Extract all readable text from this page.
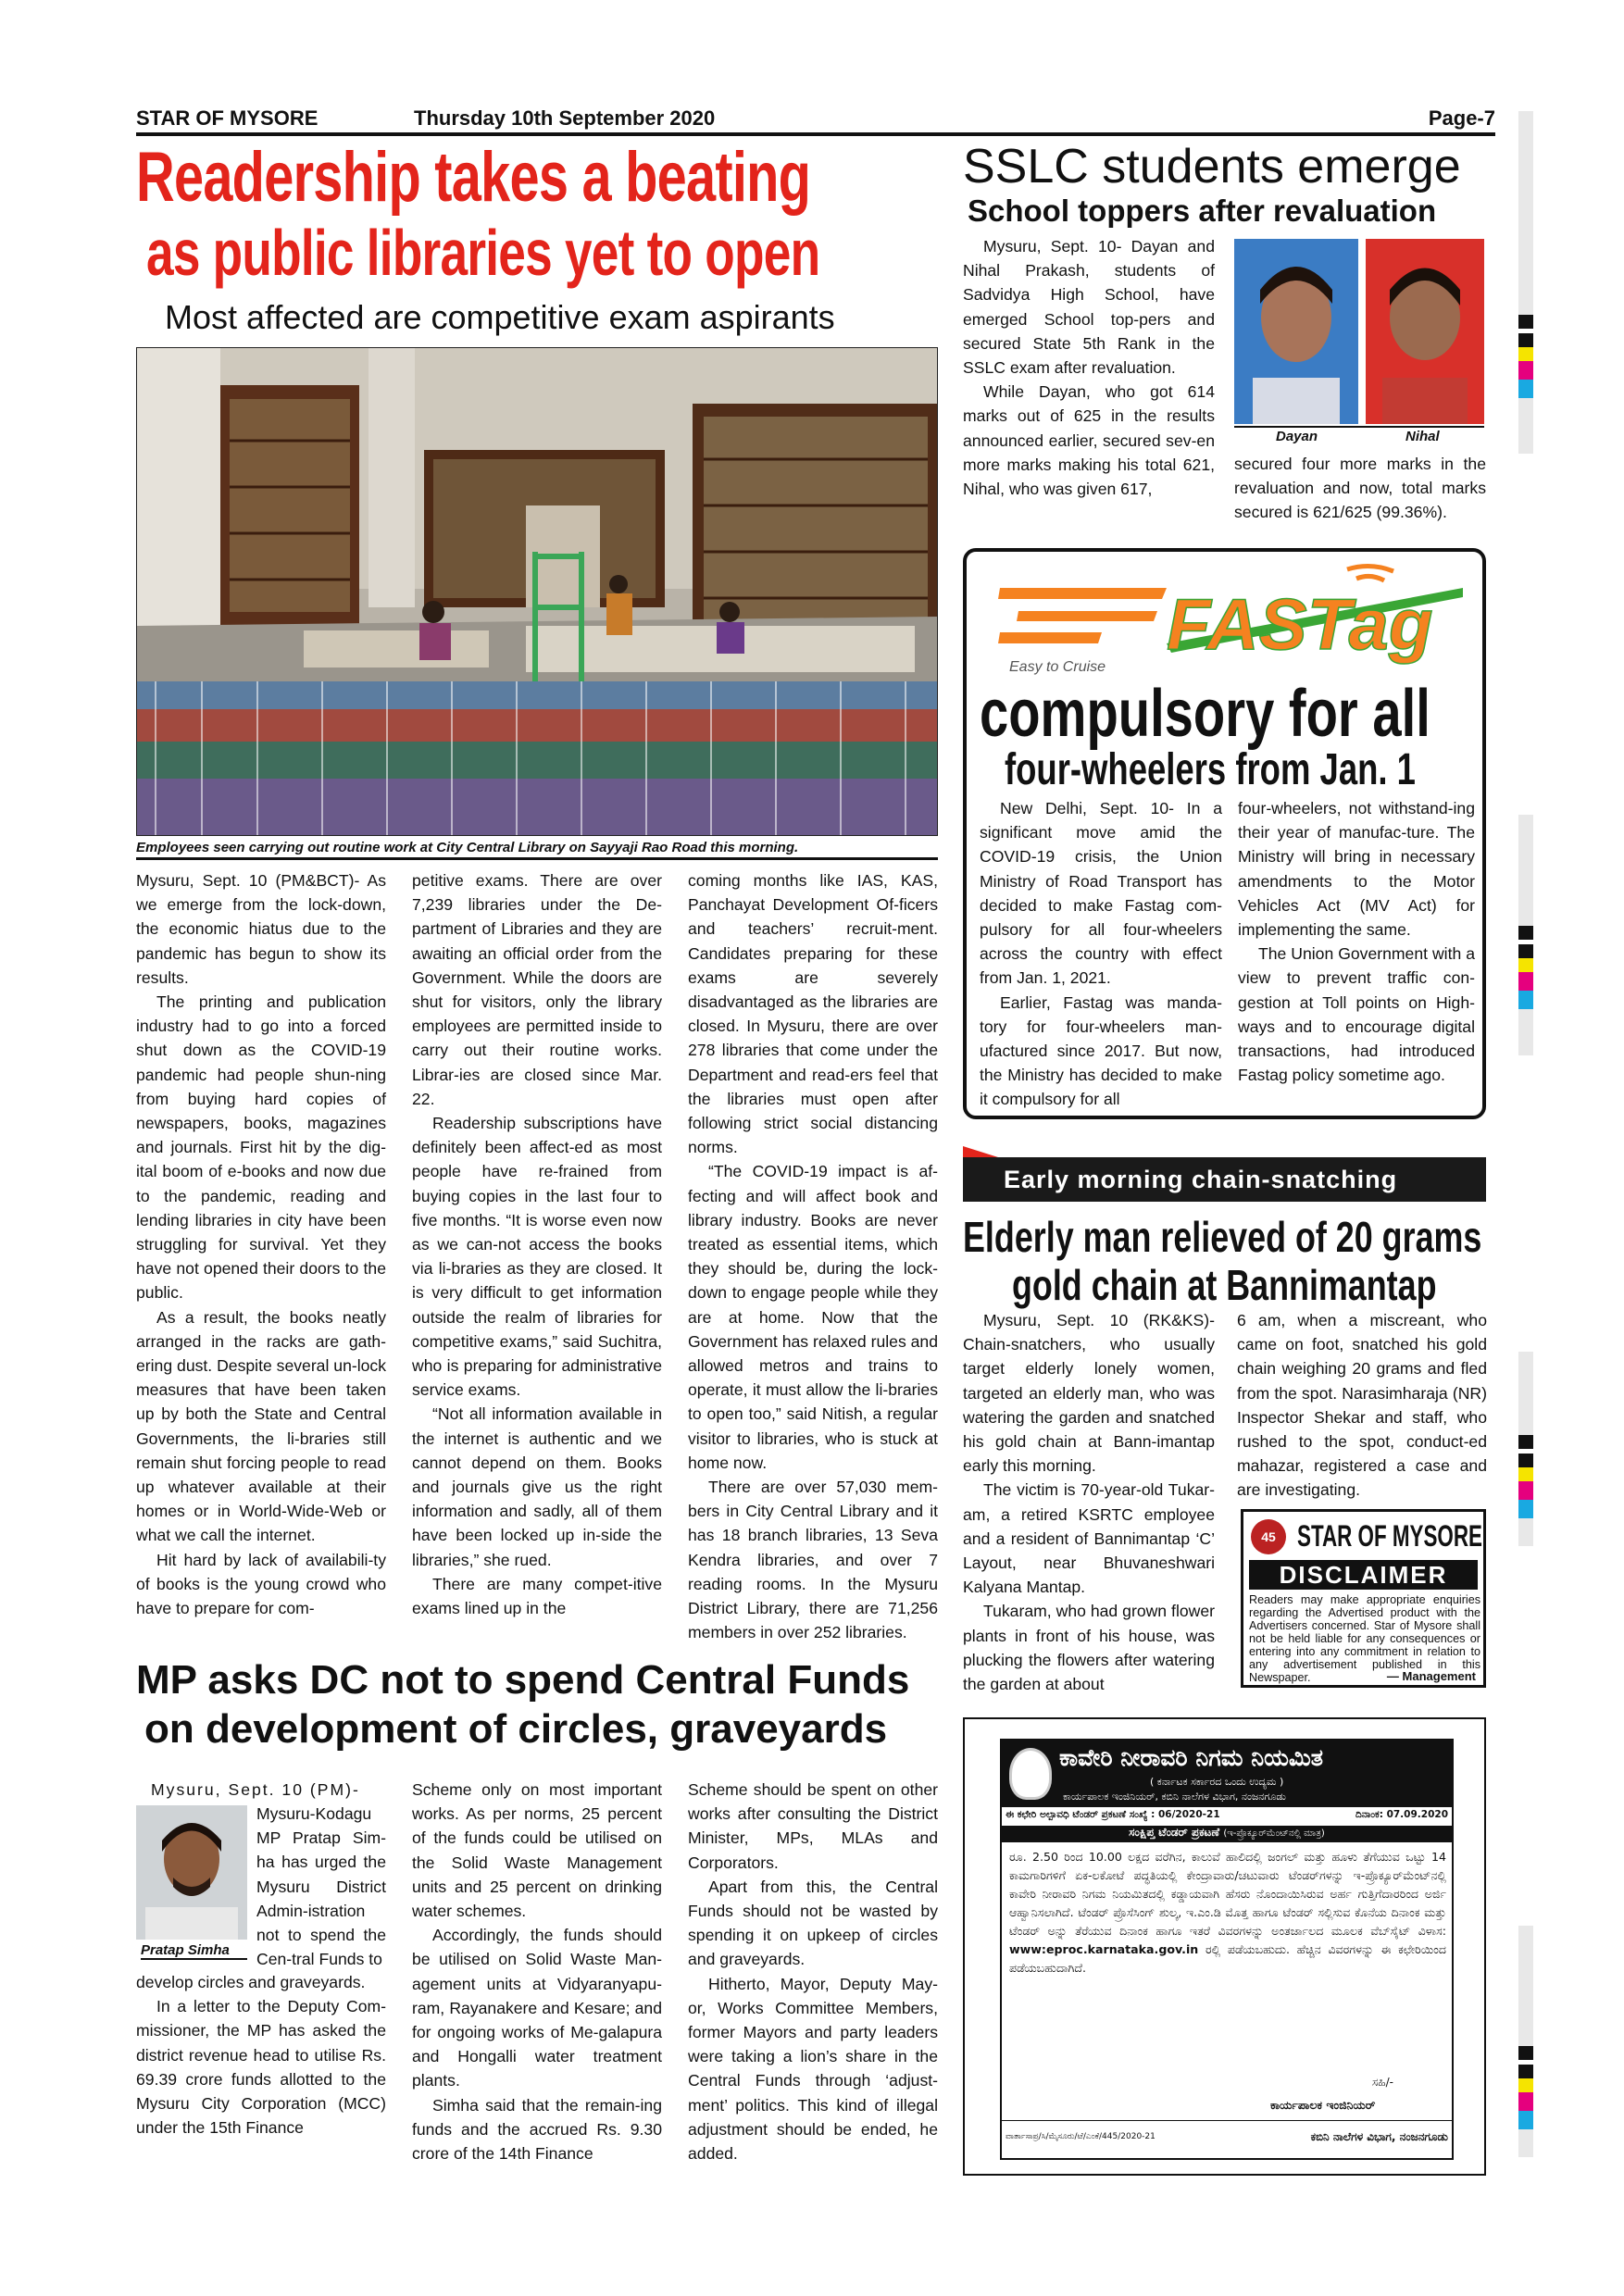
STAR OF MYSORE	Thursday 10th September 2020	Page-7
Readership takes a beating
as public libraries yet to open
Most affected are competitive exam aspirants
Employees seen carrying out routine work at City Central Library on Sayyaji Rao Road this morning.

Mysuru, Sept. 10 (PM&BCT)- As we emerge from the lock-down, the economic hiatus due to the pandemic has begun to show its results.

The printing and publication industry had to go into a forced shut down as the COVID-19 pandemic had people shun-ning from buying hard copies of newspapers, books, magazines and journals. First hit by the dig-ital boom of e-books and now due to the pandemic, reading and lending libraries in city have been struggling for survival. Yet they have not opened their doors to the public.

As a result, the books neatly arranged in the racks are gath-ering dust. Despite several un-lock measures that have been taken up by both the State and Central Governments, the li-braries still remain shut forcing people to read up whatever available at their homes or in World-Wide-Web or what we call the internet.

Hit hard by lack of availabili-ty of books is the young crowd who have to prepare for com-

petitive exams. There are over 7,239 libraries under the De-partment of Libraries and they are awaiting an official order from the Government. While the doors are shut for visitors, only the library employees are permitted inside to carry out their routine works. Librar-ies are closed since Mar. 22.

Readership subscriptions have definitely been affect-ed as most people have re-frained from buying copies in the last four to five months. “It is worse even now as we can-not access the books via li-braries as they are closed. It is very difficult to get information outside the realm of libraries for competitive exams,” said Suchitra, who is preparing for administrative service exams.

“Not all information available in the internet is authentic and we cannot depend on them. Books and journals give us the right information and sadly, all of them have been locked up in-side the libraries,” she rued.

There are many compet-itive exams lined up in the

coming months like IAS, KAS, Panchayat Development Of-ficers and teachers’ recruit-ment. Candidates preparing for these exams are severely disadvantaged as the libraries are closed. In Mysuru, there are over 278 libraries that come under the Department and read-ers feel that the libraries must open after following strict social distancing norms.

“The COVID-19 impact is af-fecting and will affect book and library industry. Books are never treated as essential items, which they should be, during the lock-down to engage people while they are at home. Now that the Government has relaxed rules and allowed metros and trains to operate, it must allow the li-braries to open too,” said Nitish, a regular visitor to libraries, who is stuck at home now.

There are over 57,030 mem-bers in City Central Library and it has 18 branch libraries, 13 Seva Kendra libraries, and over 7 reading rooms. In the Mysuru District Library, there are 71,256 members in over 252 libraries.

SSLC students emerge
School toppers after revaluation

Mysuru, Sept. 10- Dayan and Nihal Prakash, students of Sadvidya High School, have emerged School top-pers and secured State 5th Rank in the SSLC exam after revaluation.

While Dayan, who got 614 marks out of 625 in the results announced earlier, secured sev-en more marks making his total 621, Nihal, who was given 617,

Dayan	Nihal

secured four more marks in the revaluation and now, total marks secured is 621/625 (99.36%).

FASTag
Easy to Cruise
compulsory for all
four-wheelers from Jan. 1

New Delhi, Sept. 10- In a significant move amid the COVID-19 crisis, the Union Ministry of Road Transport has decided to make Fastag com-pulsory for all four-wheelers across the country with effect from Jan. 1, 2021.

Earlier, Fastag was manda-tory for four-wheelers man-ufactured since 2017. But now, the Ministry has decided to make it compulsory for all

four-wheelers, not withstand-ing their year of manufac-ture. The Ministry will bring in necessary amendments to the Motor Vehicles Act (MV Act) for implementing the same.

The Union Government with a view to prevent traffic con-gestion at Toll points on High-ways and to encourage digital transactions, had introduced Fastag policy sometime ago.

Early morning chain-snatching
Elderly man relieved of 20 grams
gold chain at Bannimantap

Mysuru, Sept. 10 (RK&KS)- Chain-snatchers, who usually target elderly lonely women, targeted an elderly man, who was watering the garden and snatched his gold chain at Bann-imantap early this morning.

The victim is 70-year-old Tukar-am, a retired KSRTC employee and a resident of Bannimantap ‘C’ Layout, near Bhuvaneshwari Kalyana Mantap.

Tukaram, who had grown flower plants in front of his house, was plucking the flowers after watering the garden at about

6 am, when a miscreant, who came on foot, snatched his gold chain weighing 20 grams and fled from the spot. Narasimharaja (NR) Inspector Shekar and staff, who rushed to the spot, conduct-ed mahazar, registered a case and are investigating.

45 STAR OF MYSORE
DISCLAIMER
Readers may make appropriate enquiries regarding the Advertised product with the Advertisers concerned. Star of Mysore shall not be held liable for any consequences or entering into any commitment in relation to any advertisement published in this Newspaper.	— Management
MP asks DC not to spend Central Funds
on development of circles, graveyards
Pratap Simha
Mysuru, Sept. 10 (PM)-
Mysuru-Kodagu MP Pratap Sim-ha has urged the Mysuru District Admin-istration not to spend the Cen-tral Funds to

develop circles and graveyards.

In a letter to the Deputy Com-missioner, the MP has asked the district revenue head to utilise Rs. 69.39 crore funds allotted to the Mysuru City Corporation (MCC) under the 15th Finance

Scheme only on most important works. As per norms, 25 percent of the funds could be utilised on the Solid Waste Management units and 25 percent on drinking water schemes.

Accordingly, the funds should be utilised on Solid Waste Man-agement units at Vidyaranyapu-ram, Rayanakere and Kesare; and for ongoing works of Me-galapura and Hongalli water treatment plants.

Simha said that the remain-ing funds and the accrued Rs. 9.30 crore of the 14th Finance

Scheme should be spent on other works after consulting the District Minister, MPs, MLAs and Corporators.

Apart from this, the Central Funds should not be wasted by spending it on upkeep of circles and graveyards.

Hitherto, Mayor, Deputy May-or, Works Committee Members, former Mayors and party leaders were taking a lion’s share in the Central Funds through ‘adjust-ment’ politics. This kind of illegal adjustment should be ended, he added.

ಕಾವೇರಿ ನೀರಾವರಿ ನಿಗಮ ನಿಯಮಿತ
( ಕರ್ನಾಟಕ ಸರ್ಕಾರದ ಒಂದು ಉದ್ಯಮ )
ಕಾರ್ಯಪಾಲಕ ಇಂಜಿನಿಯರ್, ಕಬಿನಿ ನಾಲೆಗಳ ವಿಭಾಗ, ನಂಜನಗೂಡು
ಈ ಕಛೇರಿ ಅಲ್ಪಾವಧಿ ಟೆಂಡರ್ ಪ್ರಕಟಣೆ ಸಂಖ್ಯೆ : 06/2020-21	ದಿನಾಂಕ: 07.09.2020
ಸಂಕ್ಷಿಪ್ತ ಟೆಂಡರ್ ಪ್ರಕಟಣೆ (ಇ-ಪ್ರೊಕ್ಯೂರ್‌ಮೆಂಟ್‌ನಲ್ಲಿ ಮಾತ್ರ)
ರೂ. 2.50 ರಿಂದ 10.00 ಲಕ್ಷದ ವರೆಗಿನ, ಕಾಲುವೆ ಹಾಲಿದಲ್ಲಿ ಜಂಗಲ್ ಮತ್ತು ಹೂಳು ತೆಗೆಯುವ ಒಟ್ಟು 14 ಕಾಮಗಾರಿಗಳಿಗೆ ಏಕ-ಲಕೋಟೆ ಪದ್ಧತಿಯಲ್ಲಿ ಕೇಂದ್ರಾವಾರು/ಚಟುವಾರು ಟೆಂಡರ್‌ಗಳನ್ನು ಇ-ಪ್ರೊಕ್ಯೂರ್‌ಮೆಂಟ್‌ನಲ್ಲಿ ಕಾವೇರಿ ನೀರಾವರಿ ನಿಗಮ ನಿಯಮಿತದಲ್ಲಿ ಕಡ್ಡಾಯವಾಗಿ ಹೆಸರು ನೊಂದಾಯಿಸಿರುವ ಅರ್ಹ ಗುತ್ತಿಗೆದಾರರಿಂದ ಅರ್ಜಿ ಆಹ್ವಾನಿಸಲಾಗಿದೆ. ಟೆಂಡರ್ ಪ್ರೊಸೆಸಿಂಗ್ ಶುಲ್ಕ, ಇ.ಎಂ.ಡಿ ಮೊತ್ತ ಹಾಗೂ ಟೆಂಡರ್ ಸಲ್ಲಿಸುವ ಕೊನೆಯ ದಿನಾಂಕ ಮತ್ತು ಟೆಂಡರ್ ಅನ್ನು ತೆರೆಯುವ ದಿನಾಂಕ ಹಾಗೂ ಇತರೆ ವಿವರಗಳನ್ನು ಅಂತರ್ಜಾಲದ ಮೂಲಕ ವೆಬ್‌ಸೈಟ್ ವಿಳಾಸ: www:eproc.karnataka.gov.in ರಲ್ಲಿ ಪಡೆಯಬಹುದು. ಹೆಚ್ಚಿನ ವಿವರಗಳನ್ನು ಈ ಕಛೇರಿಯಿಂದ ಪಡೆಯಬಹುದಾಗಿದೆ.
ಸಹಿ/-
ಕಾರ್ಯಪಾಲಕ ಇಂಜಿನಿಯರ್
ವಾರ್ತಾಸಾಪ್ರ/ಸಿ/ಮೈಸೂರು/ಟೆ/ಎಂಕೆ/445/2020-21	ಕಬಿನಿ ನಾಲೆಗಳ ವಿಭಾಗ, ನಂಜನಗೂಡು
